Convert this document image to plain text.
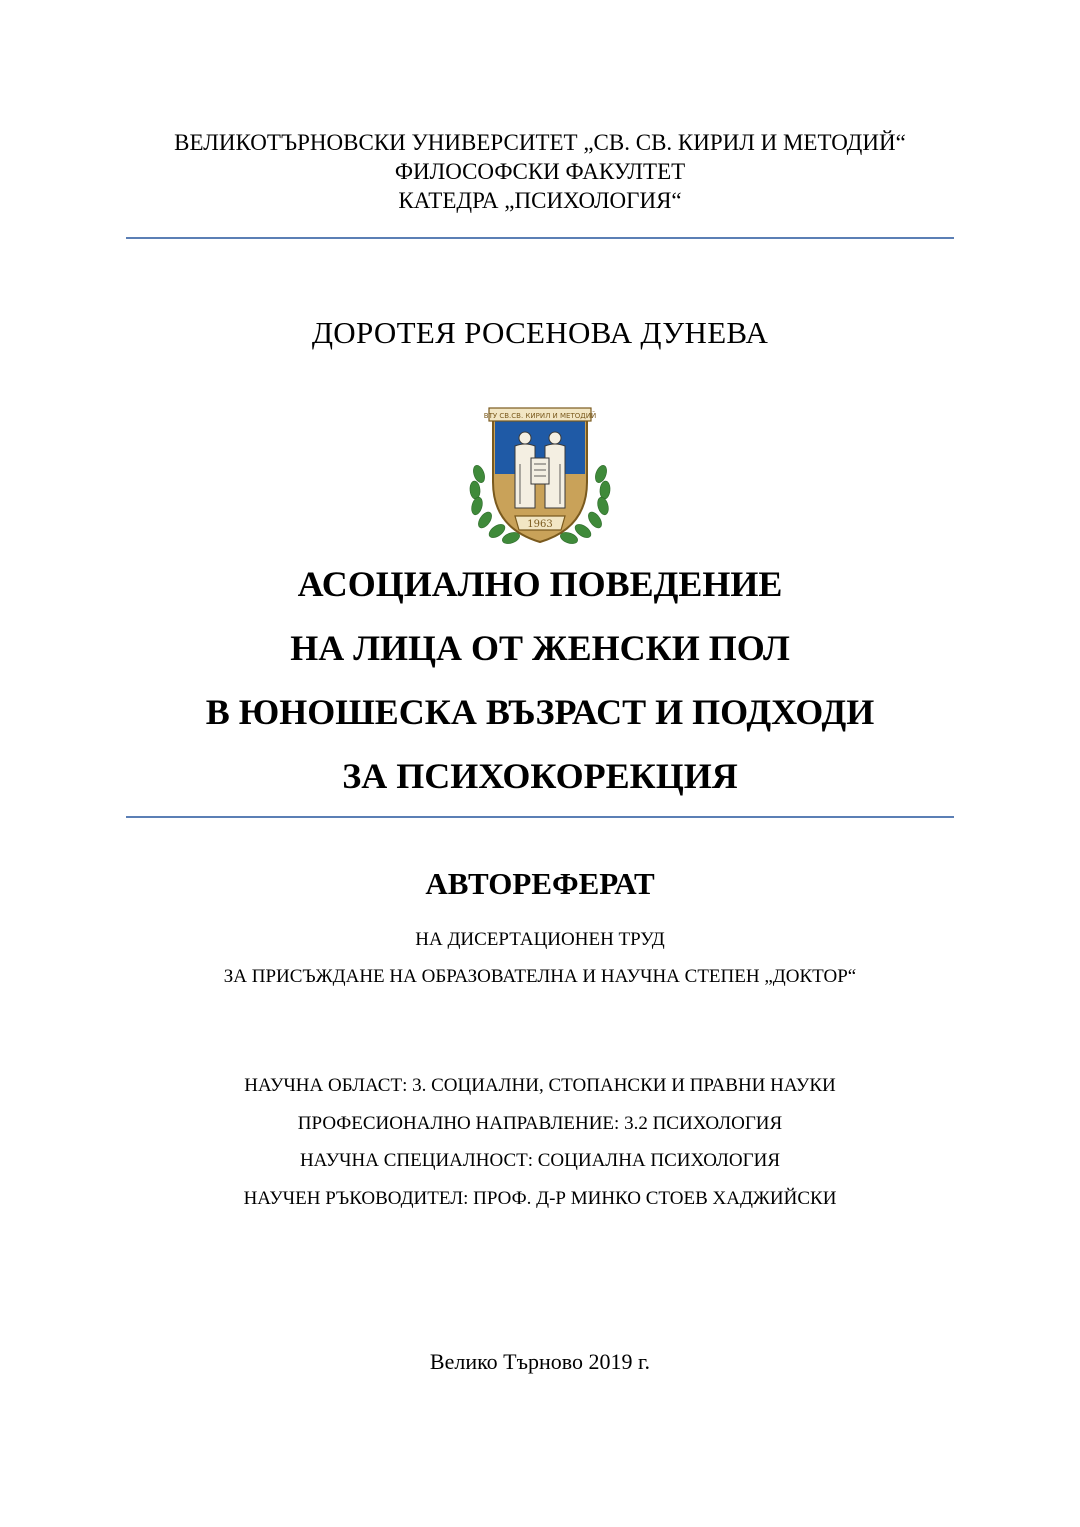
ВЕЛИКОТЪРНОВСКИ УНИВЕРСИТЕТ „СВ. СВ. КИРИЛ И МЕТОДИЙ“
ФИЛОСОФСКИ ФАКУЛТЕТ
КАТЕДРА „ПСИХОЛОГИЯ“
ДОРОТЕЯ РОСЕНОВА ДУНЕВА
ВТУ СВ.СВ. КИРИЛ И МЕТОДИЙ
1963
АСОЦИАЛНО ПОВЕДЕНИЕ
НА ЛИЦА ОТ ЖЕНСКИ ПОЛ
В ЮНОШЕСКА ВЪЗРАСТ И ПОДХОДИ
ЗА ПСИХОКОРЕКЦИЯ
АВТОРЕФЕРАТ
НА ДИСЕРТАЦИОНЕН ТРУД
ЗА ПРИСЪЖДАНЕ НА ОБРАЗОВАТЕЛНА И НАУЧНА СТЕПЕН „ДОКТОР“
НАУЧНА ОБЛАСТ: 3. СОЦИАЛНИ, СТОПАНСКИ И ПРАВНИ НАУКИ
ПРОФЕСИОНАЛНО НАПРАВЛЕНИЕ: 3.2 ПСИХОЛОГИЯ
НАУЧНА СПЕЦИАЛНОСТ: СОЦИАЛНА ПСИХОЛОГИЯ
НАУЧЕН РЪКОВОДИТЕЛ: ПРОФ. Д-Р МИНКО СТОЕВ ХАДЖИЙСКИ
Велико Търново 2019 г.
